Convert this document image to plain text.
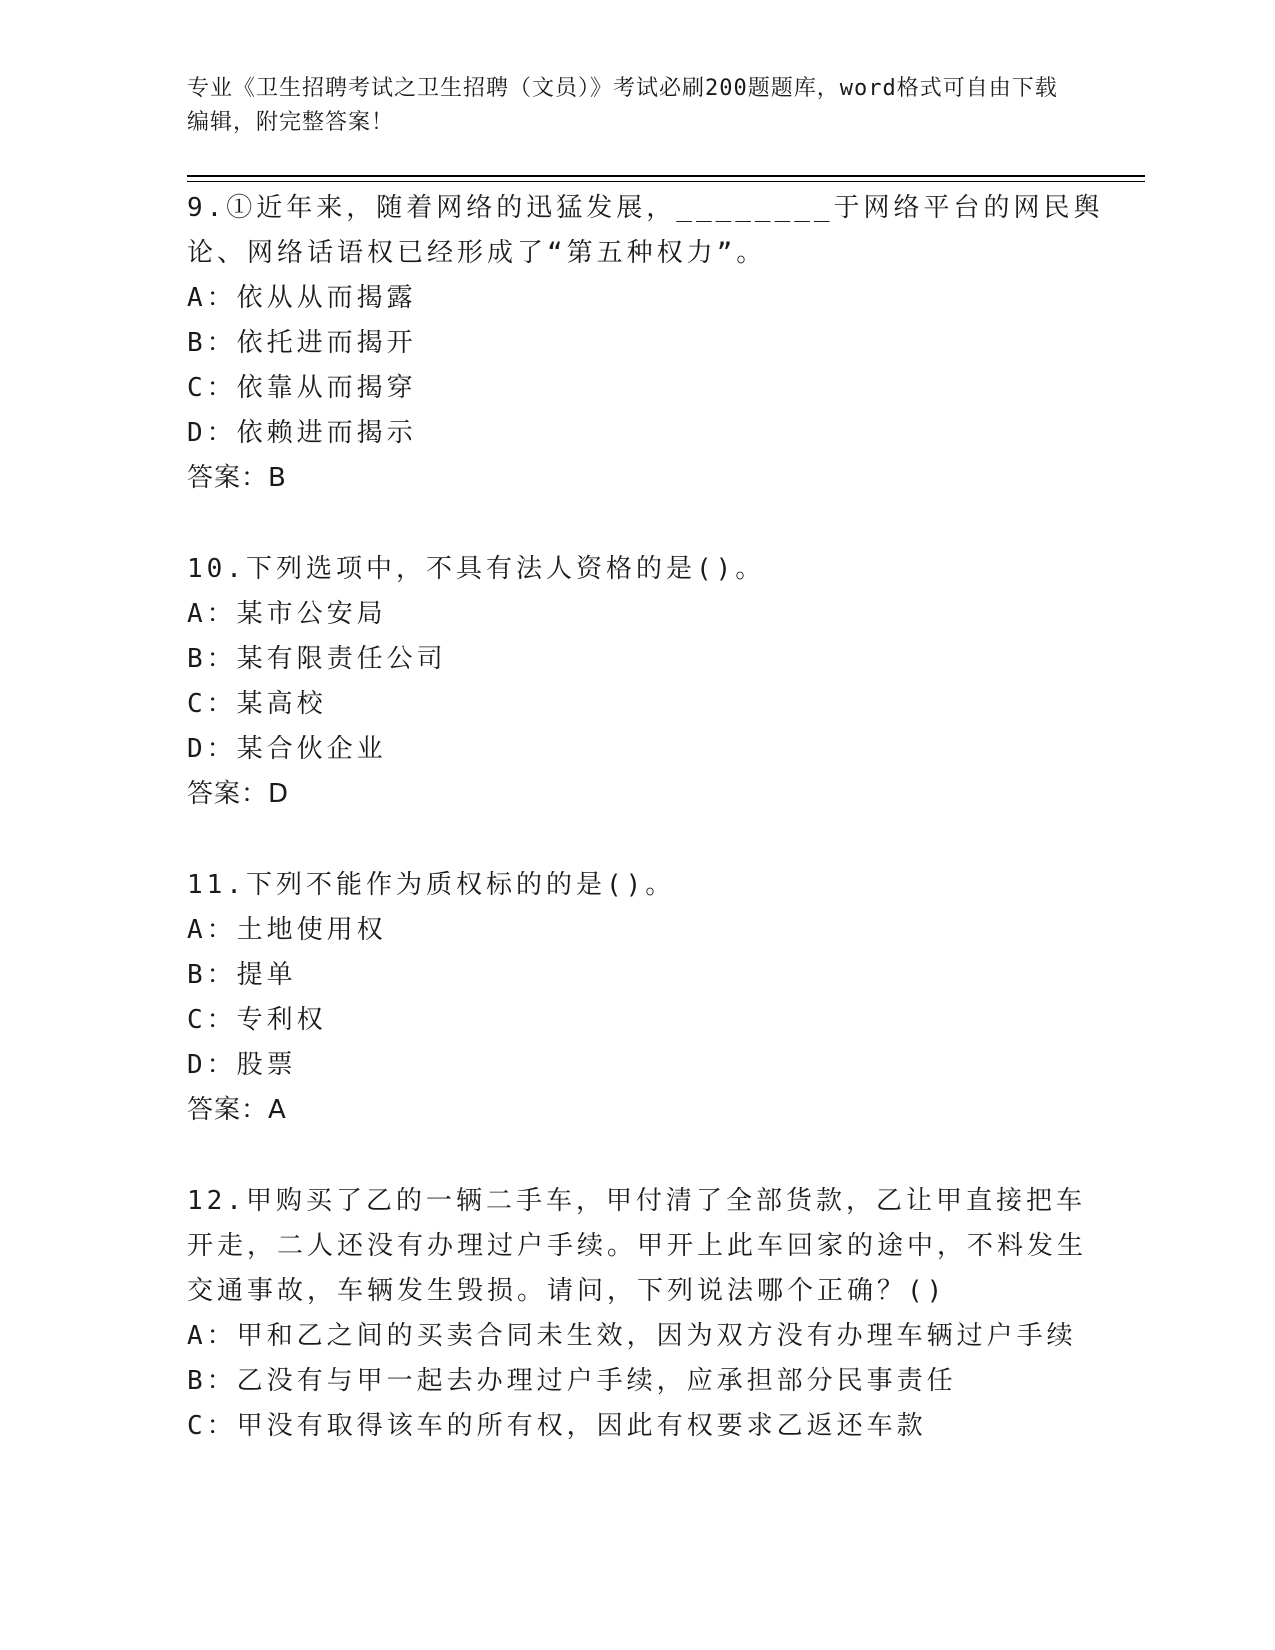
专业《卫生招聘考试之卫生招聘（文员）》考试必刷200题题库，word格式可自由下载编辑，附完整答案！
9.①近年来，随着网络的迅猛发展，________于网络平台的网民舆论、网络话语权已经形成了“第五种权力”。
A：依从从而揭露
B：依托进而揭开
C：依靠从而揭穿
D：依赖进而揭示
答案：B
10.下列选项中，不具有法人资格的是()。
A：某市公安局
B：某有限责任公司
C：某高校
D：某合伙企业
答案：D
11.下列不能作为质权标的的是()。
A：土地使用权
B：提单
C：专利权
D：股票
答案：A
12.甲购买了乙的一辆二手车，甲付清了全部货款，乙让甲直接把车开走，二人还没有办理过户手续。甲开上此车回家的途中，不料发生交通事故，车辆发生毁损。请问，下列说法哪个正确？()
A：甲和乙之间的买卖合同未生效，因为双方没有办理车辆过户手续
B：乙没有与甲一起去办理过户手续，应承担部分民事责任
C：甲没有取得该车的所有权，因此有权要求乙返还车款
